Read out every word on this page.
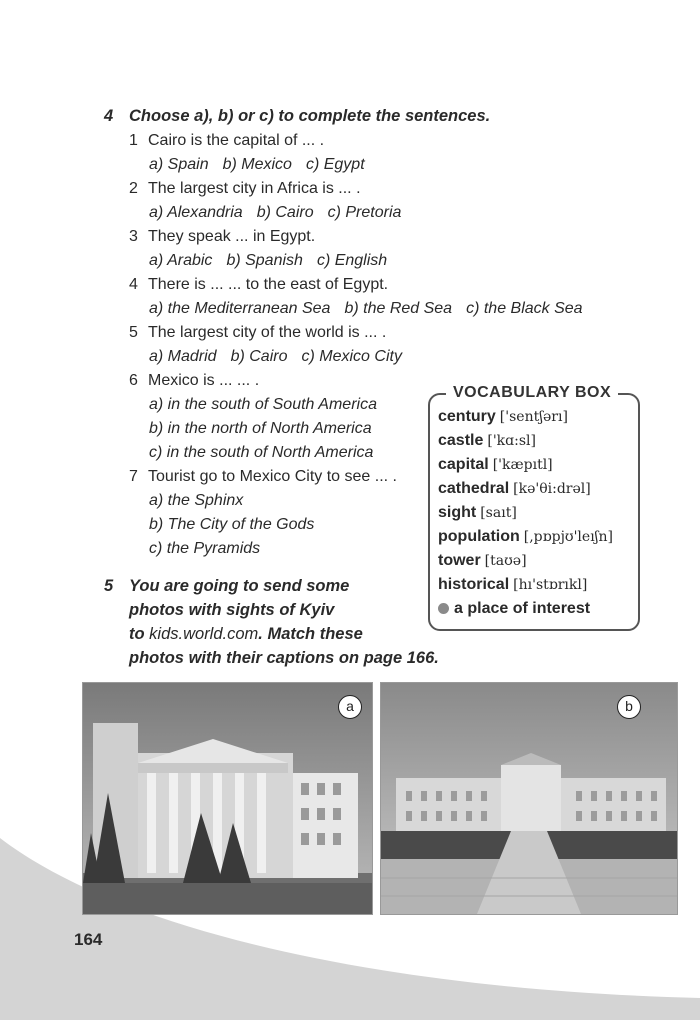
4 Choose a), b) or c) to complete the sentences.
1 Cairo is the capital of ... .
a) Spain b) Mexico c) Egypt
2 The largest city in Africa is ... .
a) Alexandria b) Cairo c) Pretoria
3 They speak ... in Egypt.
a) Arabic b) Spanish c) English
4 There is ... ... to the east of Egypt.
a) the Mediterranean Sea b) the Red Sea c) the Black Sea
5 The largest city of the world is ... .
a) Madrid b) Cairo c) Mexico City
6 Mexico is ... ... .
a) in the south of South America
b) in the north of North America
c) in the south of North America
7 Tourist go to Mexico City to see ... .
a) the Sphinx
b) The City of the Gods
c) the Pyramids
VOCABULARY BOX
century ['sentʃərı]
castle ['kɑ:sl]
capital ['kæpıtl]
cathedral [kə'θi:drəl]
sight [saıt]
population [,pɒpjʊ'leıʃn]
tower [taʊə]
historical [hı'stɒrıkl]
a place of interest
5 You are going to send some
photos with sights of Kyiv
to kids.world.com. Match these
photos with their captions on page 166.
a	b
164
